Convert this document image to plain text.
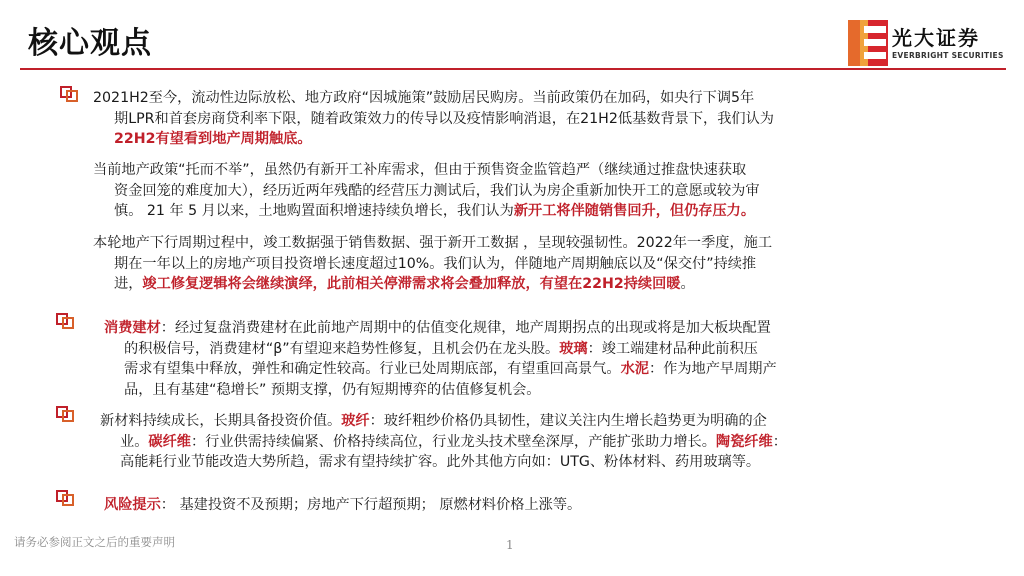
核心观点	光大证券
EVERBRIGHT SECURITIES
2021H2至今，流动性边际放松、地方政府“因城施策”鼓励居民购房。当前政策仍在加码，如央行下调5年
期LPR和首套房商贷利率下限，随着政策效力的传导以及疫情影响消退，在21H2低基数背景下，我们认为
22H2有望看到地产周期触底。
当前地产政策“托而不举”，虽然仍有新开工补库需求，但由于预售资金监管趋严（继续通过推盘快速获取
资金回笼的难度加大），经历近两年残酷的经营压力测试后，我们认为房企重新加快开工的意愿或较为审
慎。 21 年 5 月以来，土地购置面积增速持续负增长，我们认为新开工将伴随销售回升，但仍存压力。
本轮地产下行周期过程中，竣工数据强于销售数据、强于新开工数据 ，呈现较强韧性。2022年一季度，施工
期在一年以上的房地产项目投资增长速度超过10%。我们认为，伴随地产周期触底以及“保交付”持续推
进，竣工修复逻辑将会继续演绎，此前相关停滞需求将会叠加释放，有望在22H2持续回暖。
消费建材：经过复盘消费建材在此前地产周期中的估值变化规律，地产周期拐点的出现或将是加大板块配置
的积极信号，消费建材“β”有望迎来趋势性修复，且机会仍在龙头股。玻璃：竣工端建材品种此前积压
需求有望集中释放，弹性和确定性较高。行业已处周期底部，有望重回高景气。水泥：作为地产早周期产
品，且有基建“稳增长” 预期支撑，仍有短期博弈的估值修复机会。
新材料持续成长，长期具备投资价值。玻纤：玻纤粗纱价格仍具韧性，建议关注内生增长趋势更为明确的企
业。碳纤维：行业供需持续偏紧、价格持续高位，行业龙头技术壁垒深厚，产能扩张助力增长。陶瓷纤维：
高能耗行业节能改造大势所趋，需求有望持续扩容。此外其他方向如：UTG、粉体材料、药用玻璃等。
风险提示： 基建投资不及预期；房地产下行超预期； 原燃材料价格上涨等。
请务必参阅正文之后的重要声明	1
